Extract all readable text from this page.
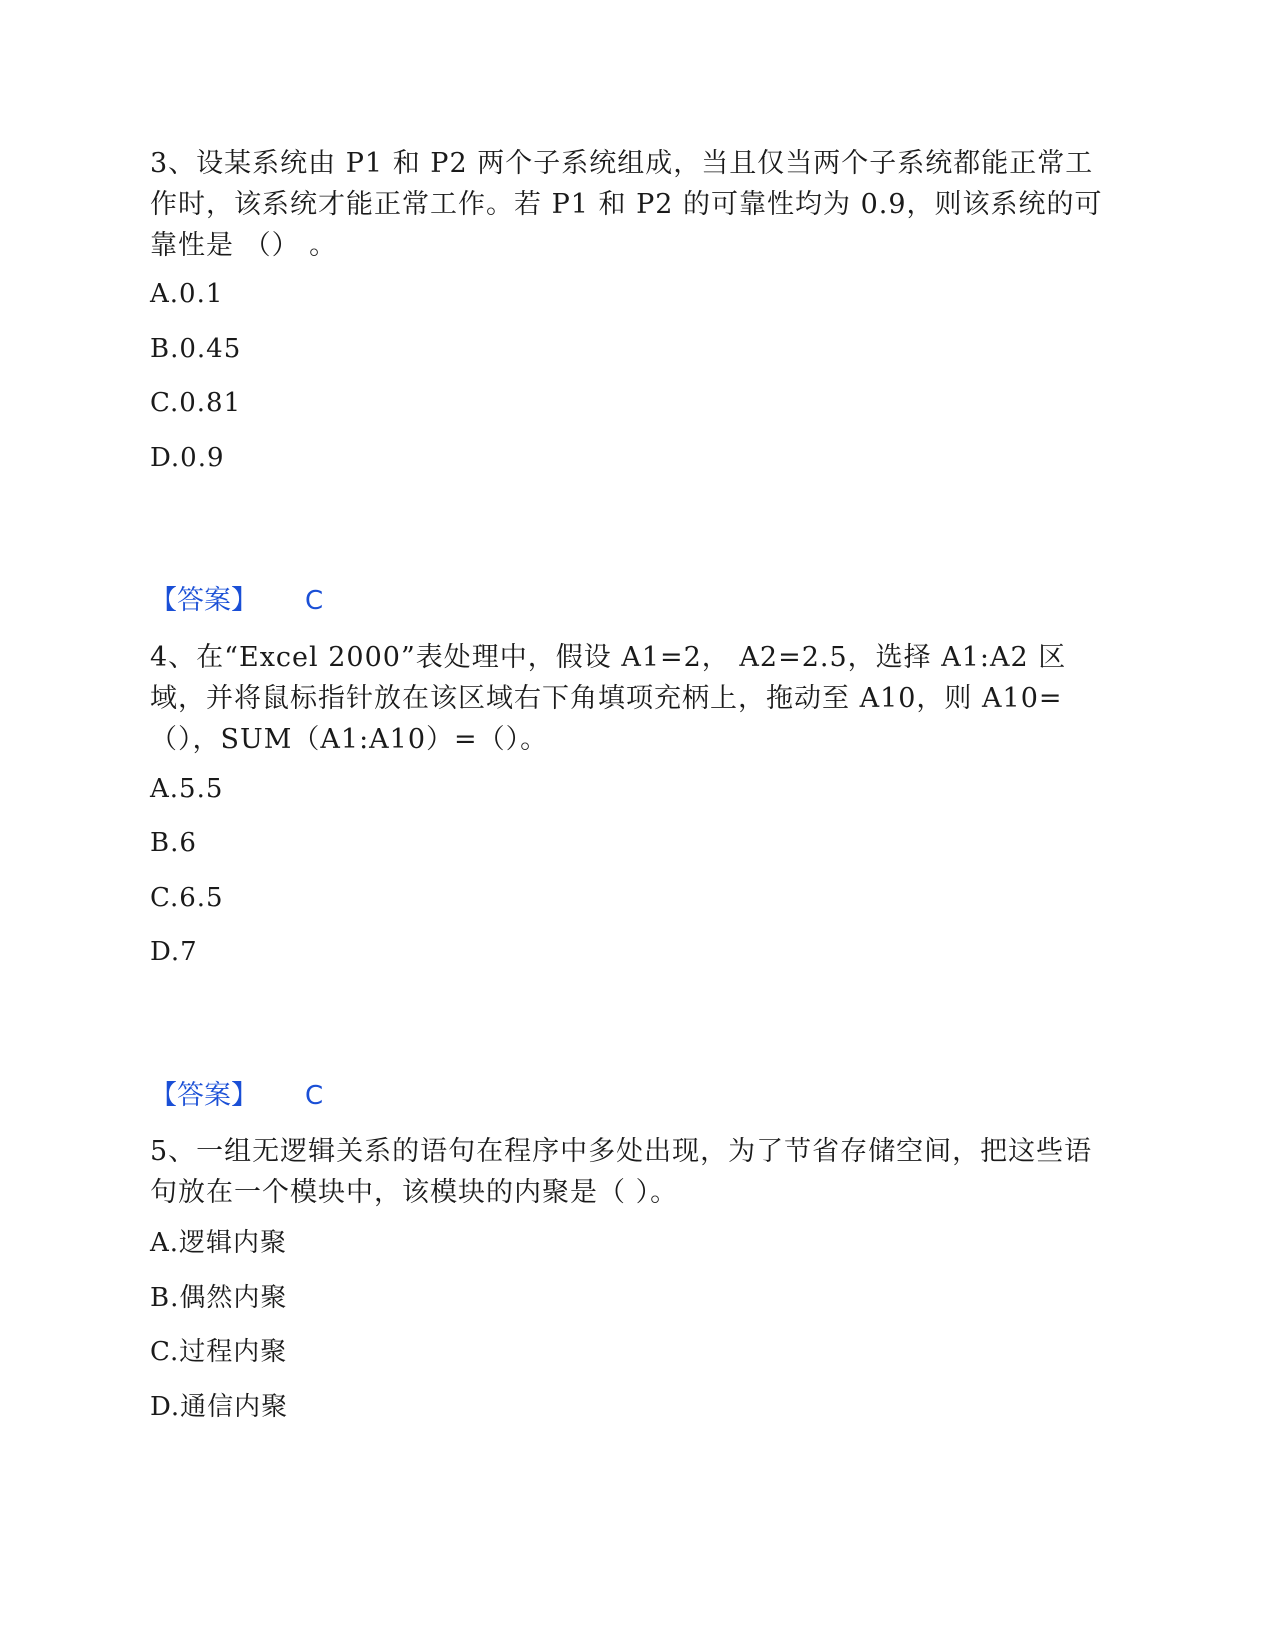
3、设某系统由 P1 和 P2 两个子系统组成，当且仅当两个子系统都能正常工作时，该系统才能正常工作。若 P1 和 P2 的可靠性均为 0.9，则该系统的可靠性是 （） 。
A.0.1
B.0.45
C.0.81
D.0.9
【答案】 C
4、在“Excel 2000”表处理中，假设 A1=2， A2=2.5，选择 A1:A2 区域，并将鼠标指针放在该区域右下角填项充柄上，拖动至 A10，则 A10=（），SUM（A1:A10）=（）。
A.5.5
B.6
C.6.5
D.7
【答案】 C
5、一组无逻辑关系的语句在程序中多处出现，为了节省存储空间，把这些语句放在一个模块中，该模块的内聚是（ ）。
A.逻辑内聚
B.偶然内聚
C.过程内聚
D.通信内聚
